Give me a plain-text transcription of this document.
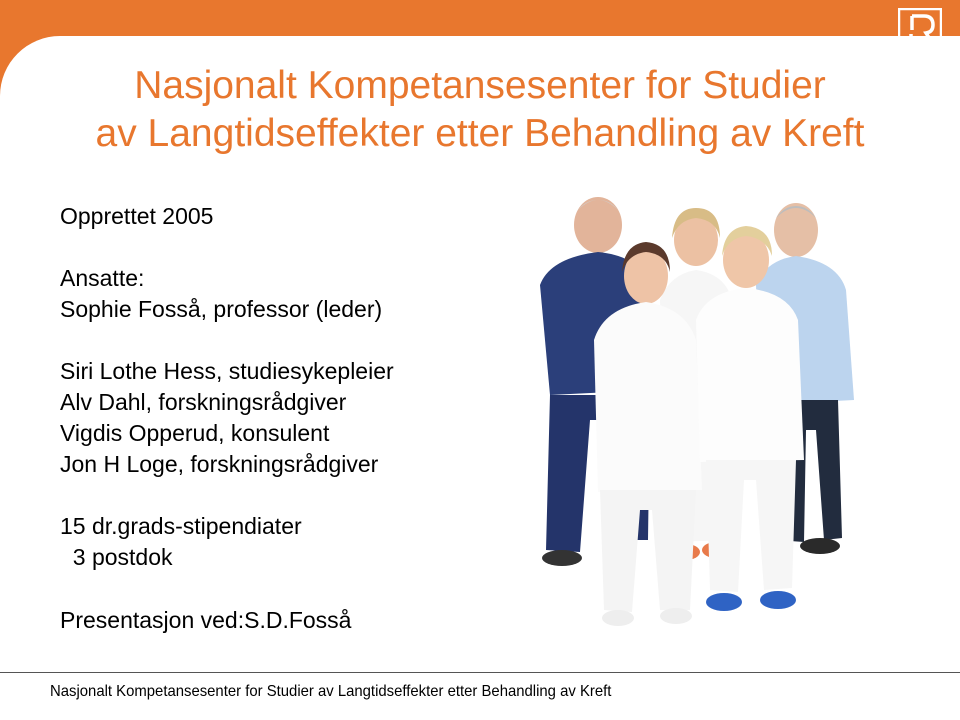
Nasjonalt Kompetansesenter for Studier
av Langtidseffekter etter Behandling av Kreft
Opprettet 2005
Ansatte:
Sophie Fosså, professor (leder)
Siri Lothe Hess, studiesykepleier
Alv Dahl, forskningsrådgiver
Vigdis Opperud, konsulent
Jon H Loge, forskningsrådgiver
15 dr.grads-stipendiater
3 postdok
Presentasjon ved:S.D.Fosså
Nasjonalt Kompetansesenter for Studier av Langtidseffekter etter Behandling av Kreft
